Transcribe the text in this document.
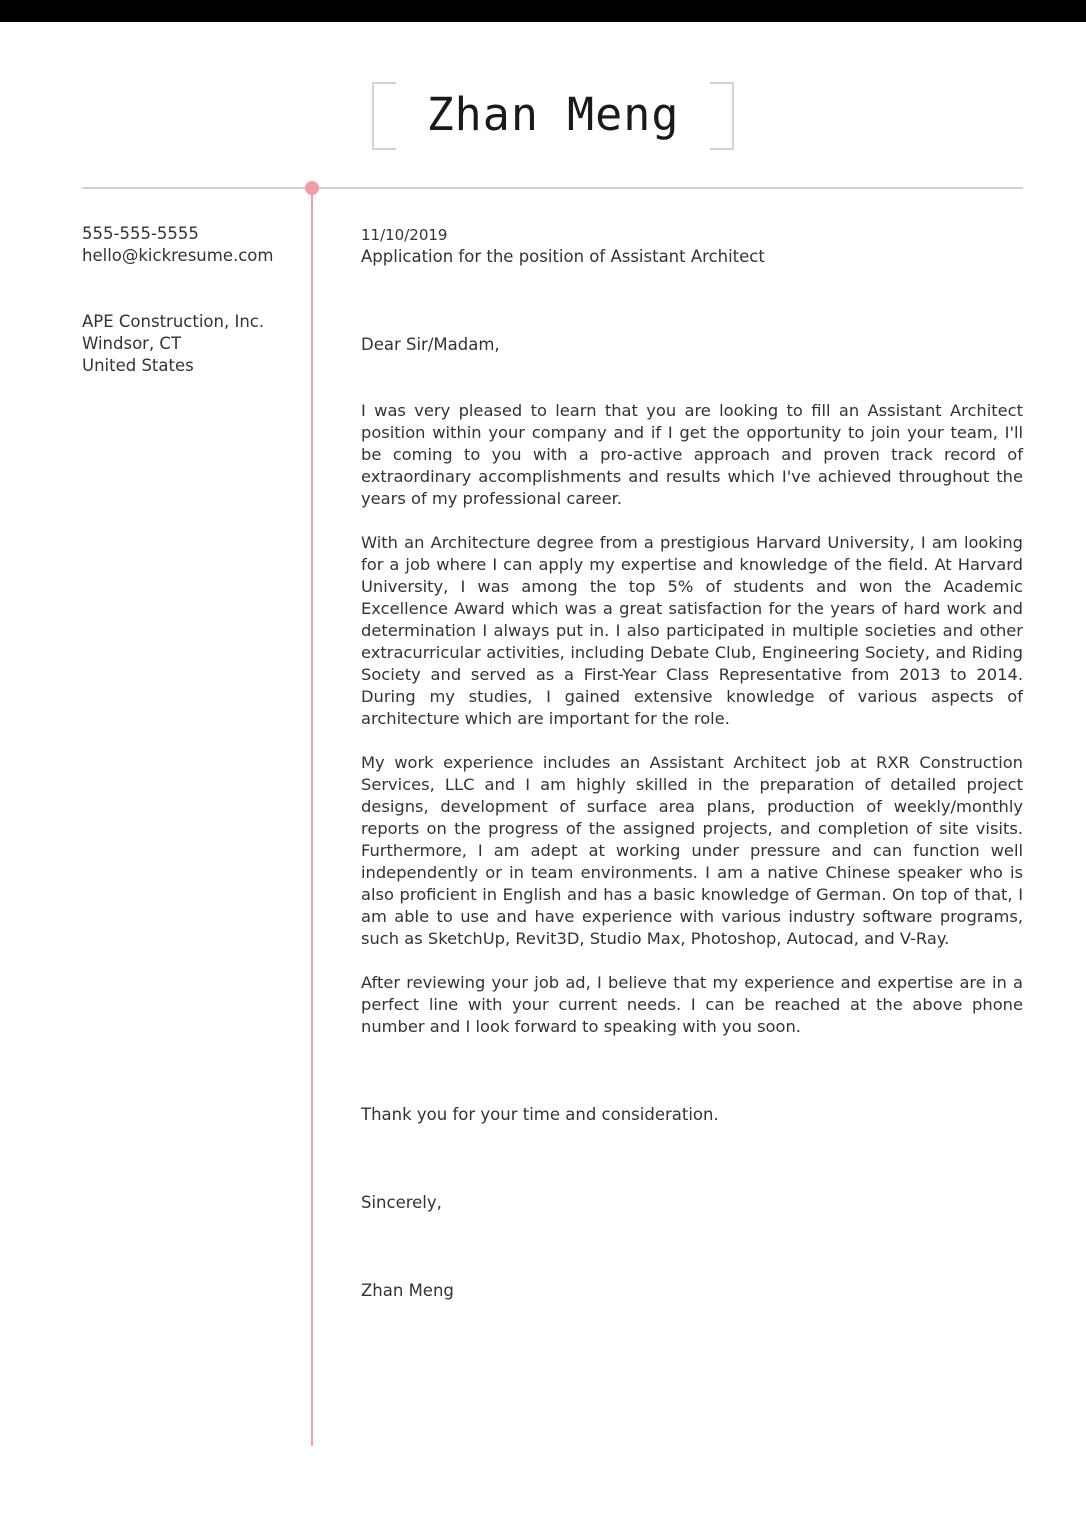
Zhan Meng
555-555-5555
hello@kickresume.com
APE Construction, Inc.
Windsor, CT
United States
11/10/2019

Application for the position of Assistant Architect

Dear Sir/Madam,

I was very pleased to learn that you are looking to fill an Assistant Architect position within your company and if I get the opportunity to join your team, I'll be coming to you with a pro-active approach and proven track record of extraordinary accomplishments and results which I've achieved throughout the years of my professional career.

With an Architecture degree from a prestigious Harvard University, I am looking for a job where I can apply my expertise and knowledge of the field. At Harvard University, I was among the top 5% of students and won the Academic Excellence Award which was a great satisfaction for the years of hard work and determination I always put in. I also participated in multiple societies and other extracurricular activities, including Debate Club, Engineering Society, and Riding Society and served as a First-Year Class Representative from 2013 to 2014. During my studies, I gained extensive knowledge of various aspects of architecture which are important for the role.

My work experience includes an Assistant Architect job at RXR Construction Services, LLC and I am highly skilled in the preparation of detailed project designs, development of surface area plans, production of weekly/monthly reports on the progress of the assigned projects, and completion of site visits. Furthermore, I am adept at working under pressure and can function well independently or in team environments. I am a native Chinese speaker who is also proficient in English and has a basic knowledge of German. On top of that, I am able to use and have experience with various industry software programs, such as SketchUp, Revit3D, Studio Max, Photoshop, Autocad, and V-Ray.

After reviewing your job ad, I believe that my experience and expertise are in a perfect line with your current needs. I can be reached at the above phone number and I look forward to speaking with you soon.

Thank you for your time and consideration.

Sincerely,

Zhan Meng
